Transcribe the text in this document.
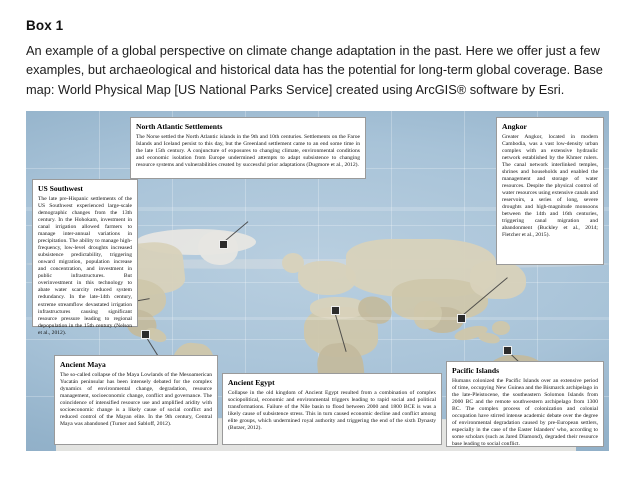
Box 1
An example of a global perspective on climate change adaptation in the past. Here we offer just a few examples, but archaeological and historical data has the potential for long-term global coverage. Base map: World Physical Map [US National Parks Service] created using ArcGIS® software by Esri.
North Atlantic Settlements
The Norse settled the North Atlantic islands in the 9th and 10th centuries. Settlements on the Faroe Islands and Iceland persist to this day, but the Greenland settlement came to an end some time in the late 15th century. A conjuncture of exposures to changing climate, environmental conditions and economic isolation from Europe undermined attempts to adapt subsistence to changing resource systems and vulnerabilities created by successful prior adaptations (Dugmore et al., 2012).
Angkor
Greater Angkor, located in modern Cambodia, was a vast low-density urban complex with an extensive hydraulic network established by the Khmer rulers. The canal network interlinked temples, shrines and households and enabled the management and storage of water resources. Despite the physical control of water resources using extensive canals and reservoirs, a series of long, severe droughts and high-magnitude monsoons between the 14th and 16th centuries, triggering canal migration and abandonment (Buckley et al., 2014; Fletcher et al., 2015).
US Southwest
The late pre-Hispanic settlements of the US Southwest experienced large-scale demographic changes from the 13th century. In the Hohokam, investment in canal irrigation allowed farmers to manage inter-annual variations in precipitation. The ability to manage high-frequency, low-level droughts increased subsistence predictability, triggering onward migration, population increase and concentration, and investment in public infrastructures. But overinvestment in this technology to abate water scarcity reduced system redundancy. In the late-14th century, extreme streamflow devastated irrigation infrastructures causing significant resource pressure leading to regional depopulation in the 15th century (Nelson et al., 2012).
Ancient Maya
The so-called collapse of the Maya Lowlands of the Mesoamerican Yucatán peninsular has been intensely debated for the complex dynamics of environmental change, degradation, resource management, socioeconomic change, conflict and governance. The coincidence of intensified resource use and amplified aridity with socioeconomic change is a likely cause of social conflict and reduced control of the Mayan elite. In the 9th century, Central Maya was abandoned (Turner and Sabloff, 2012).
Ancient Egypt
Collapse in the old kingdom of Ancient Egypt resulted from a combination of complex sociopolitical, economic and environmental triggers leading to rapid social and political transformations. Failure of the Nile basin to flood between 2000 and 1800 BCE is was a likely cause of subsistence stress. This in turn caused economic decline and conflict among elite groups, which undermined royal authority and triggering the end of the sixth Dynasty (Butzer, 2012).
Pacific Islands
Humans colonized the Pacific Islands over an extensive period of time, occupying New Guinea and the Bismarck archipelago in the late-Pleistocene, the southeastern Solomon Islands from 2000 BC and the remote southwestern archipelago from 1300 BC. The complex process of colonization and colonial occupation have stirred intense academic debate over the degree of environmental degradation caused by pre-European settlers, especially in the case of the Easter Islanders' who, according to some scholars (such as Jared Diamond), degraded their resource base leading to social conflict.
